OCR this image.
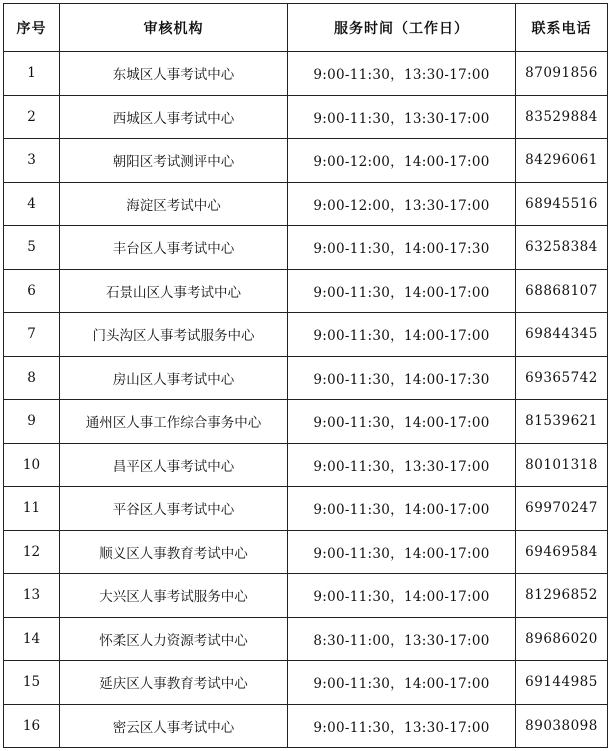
序号	审核机构	服务时间（工作日）	联系电话
1	东城区人事考试中心	9:00-11:30，13:30-17:00	87091856
2	西城区人事考试中心	9:00-11:30，13:30-17:00	83529884
3	朝阳区考试测评中心	9:00-12:00，14:00-17:00	84296061
4	海淀区考试中心	9:00-12:00，13:30-17:00	68945516
5	丰台区人事考试中心	9:00-11:30，14:00-17:30	63258384
6	石景山区人事考试中心	9:00-11:30，14:00-17:00	68868107
7	门头沟区人事考试服务中心	9:00-11:30，14:00-17:00	69844345
8	房山区人事考试中心	9:00-11:30，14:00-17:30	69365742
9	通州区人事工作综合事务中心	9:00-11:30，14:00-17:00	81539621
10	昌平区人事考试中心	9:00-11:30，13:30-17:00	80101318
11	平谷区人事考试中心	9:00-11:30，14:00-17:00	69970247
12	顺义区人事教育考试中心	9:00-11:30，14:00-17:00	69469584
13	大兴区人事考试服务中心	9:00-11:30，14:00-17:00	81296852
14	怀柔区人力资源考试中心	8:30-11:00，13:30-17:00	89686020
15	延庆区人事教育考试中心	9:00-11:30，14:00-17:00	69144985
16	密云区人事考试中心	9:00-11:30，13:30-17:00	89038098
